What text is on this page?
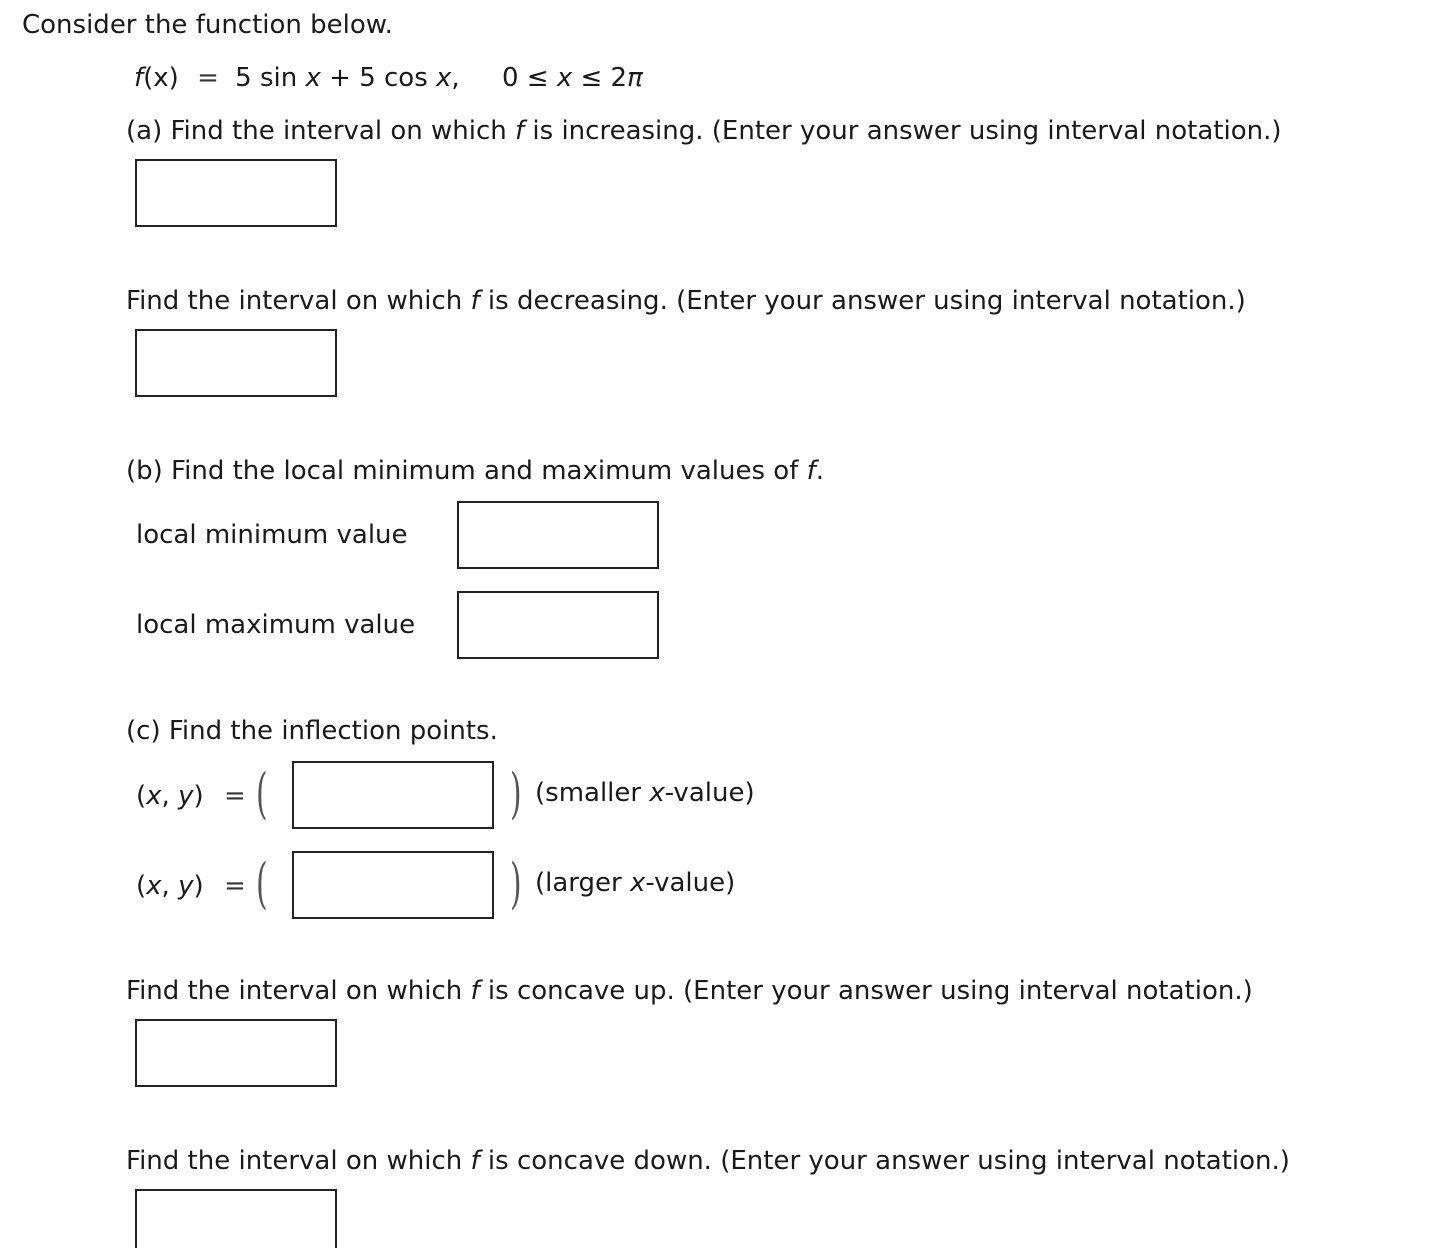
Consider the function below.
f(x) = 5 sin x + 5 cos x, 0 ≤ x ≤ 2π
(a) Find the interval on which f is increasing. (Enter your answer using interval notation.)
Find the interval on which f is decreasing. (Enter your answer using interval notation.)
(b) Find the local minimum and maximum values of f.
local minimum value
local maximum value
(c) Find the inflection points.
(x, y) = (	) (smaller x-value)
(x, y) = (	) (larger x-value)
Find the interval on which f is concave up. (Enter your answer using interval notation.)
Find the interval on which f is concave down. (Enter your answer using interval notation.)
